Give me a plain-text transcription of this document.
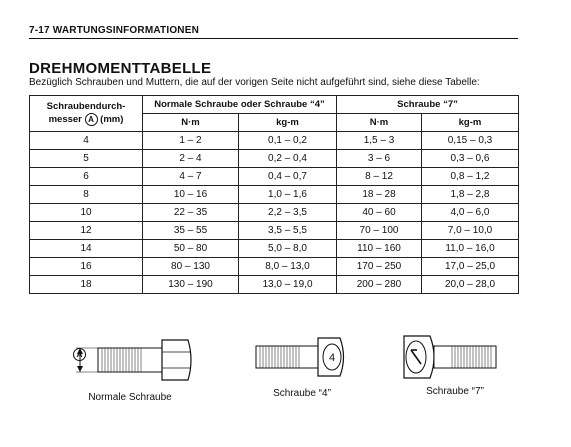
7-17 WARTUNGSINFORMATIONEN
DREHMOMENTTABELLE
Bezüglich Schrauben und Muttern, die auf der vorigen Seite nicht aufgeführt sind, siehe diese Tabelle:
Schraubendurch-
messer A (mm)	Normale Schraube oder Schraube “4”		Schraube “7”	
	N·m	kg-m	N·m	kg-m
4	1 – 2	0,1 – 0,2	1,5 – 3	0,15 – 0,3
5	2 – 4	0,2 – 0,4	3 – 6	0,3 – 0,6
6	4 – 7	0,4 – 0,7	8 – 12	0,8 – 1,2
8	10 – 16	1,0 – 1,6	18 – 28	1,8 – 2,8
10	22 – 35	2,2 – 3,5	40 – 60	4,0 – 6,0
12	35 – 55	3,5 – 5,5	70 – 100	7,0 – 10,0
14	50 – 80	5,0 – 8,0	110 – 160	11,0 – 16,0
16	80 – 130	8,0 – 13,0	170 – 250	17,0 – 25,0
18	130 – 190	13,0 – 19,0	200 – 280	20,0 – 28,0
A
Normale Schraube
4
Schraube “4”	Schraube “7”
